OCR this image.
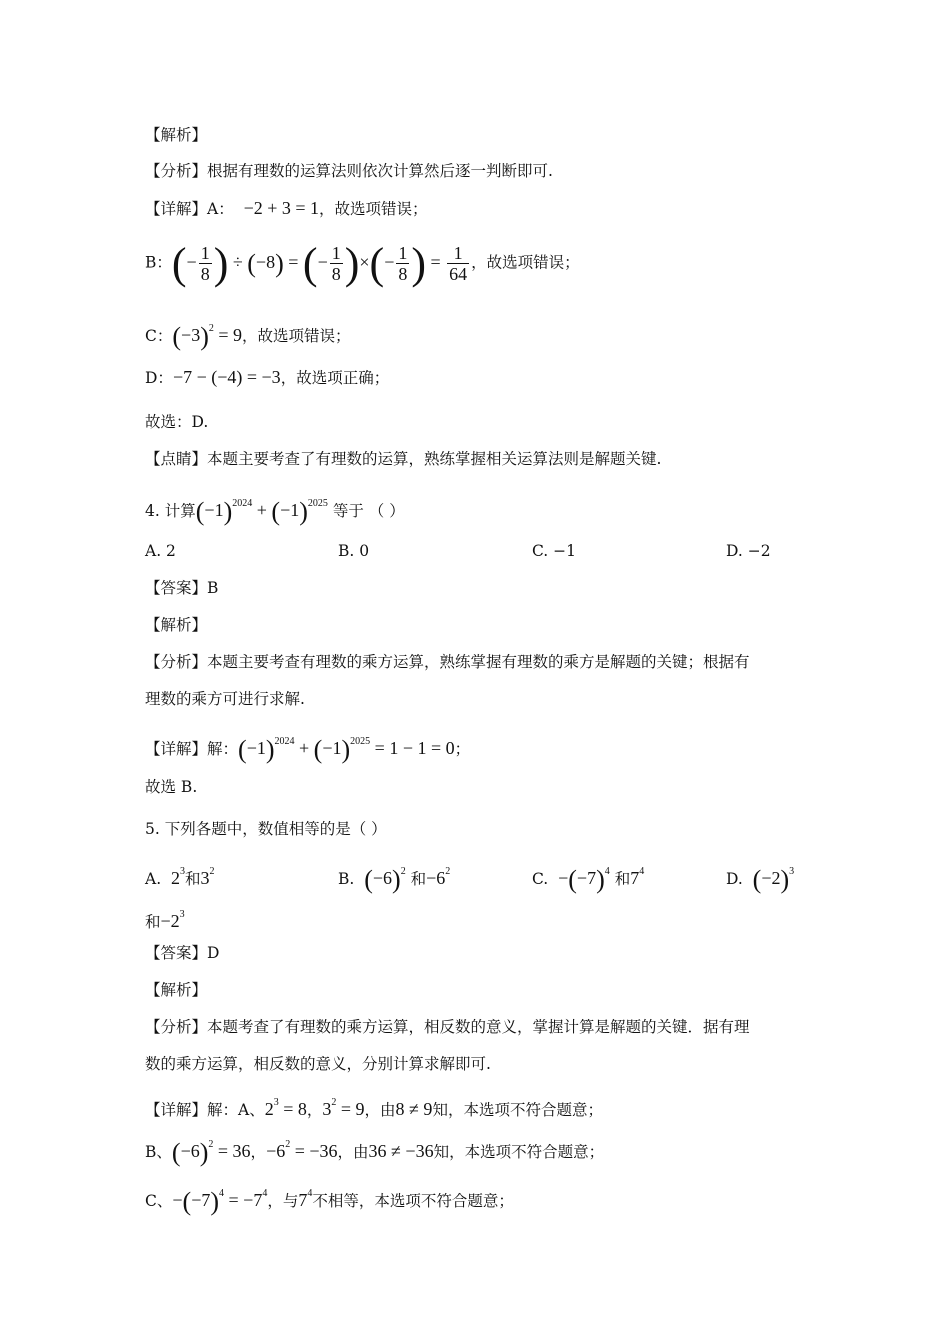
【解析】
【分析】根据有理数的运算法则依次计算然后逐一判断即可.
【详解】A： −2 + 3 = 1，故选项错误；
B：(− $\frac{1}{8}$ ) ÷ (−8) = (− $\frac{1}{8}$ )×(− $\frac{1}{8}$ ) = $\frac{1}{64}$ ，故选项错误；
C：$(-3)^2 = 9$，故选项错误；
D：−7 − (−4) = −3，故选项正确；
故选：D.
【点睛】本题主要考查了有理数的运算，熟练掌握相关运算法则是解题关键.
4. 计算$(-1)^{2024} + (-1)^{2025}$ 等于 （ ）
A. 2	B. 0	C. −1	D. −2
【答案】B
【解析】
【分析】本题主要考查有理数的乘方运算，熟练掌握有理数的乘方是解题的关键；根据有
理数的乘方可进行求解.
【详解】解：$(-1)^{2024} + (-1)^{2025} = 1 - 1 = 0$；
故选 B.
5. 下列各题中，数值相等的是（ ）
A. $2^3$和$3^2$	B. $(-6)^2$ 和$-6^2$	C. $-(-7)^4$ 和$7^4$	D. $(-2)^3$
和$-2^3$
【答案】D
【解析】
【分析】本题考查了有理数的乘方运算，相反数的意义，掌握计算是解题的关键．据有理
数的乘方运算，相反数的意义，分别计算求解即可.
【详解】解：A、$2^3 = 8$，$3^2 = 9$，由8 ≠ 9知，本选项不符合题意；
B、$(-6)^2 = 36$，$-6^2 = -36$，由36 ≠ −36知，本选项不符合题意；
C、$-(-7)^4 = -7^4$，与$7^4$不相等，本选项不符合题意；
